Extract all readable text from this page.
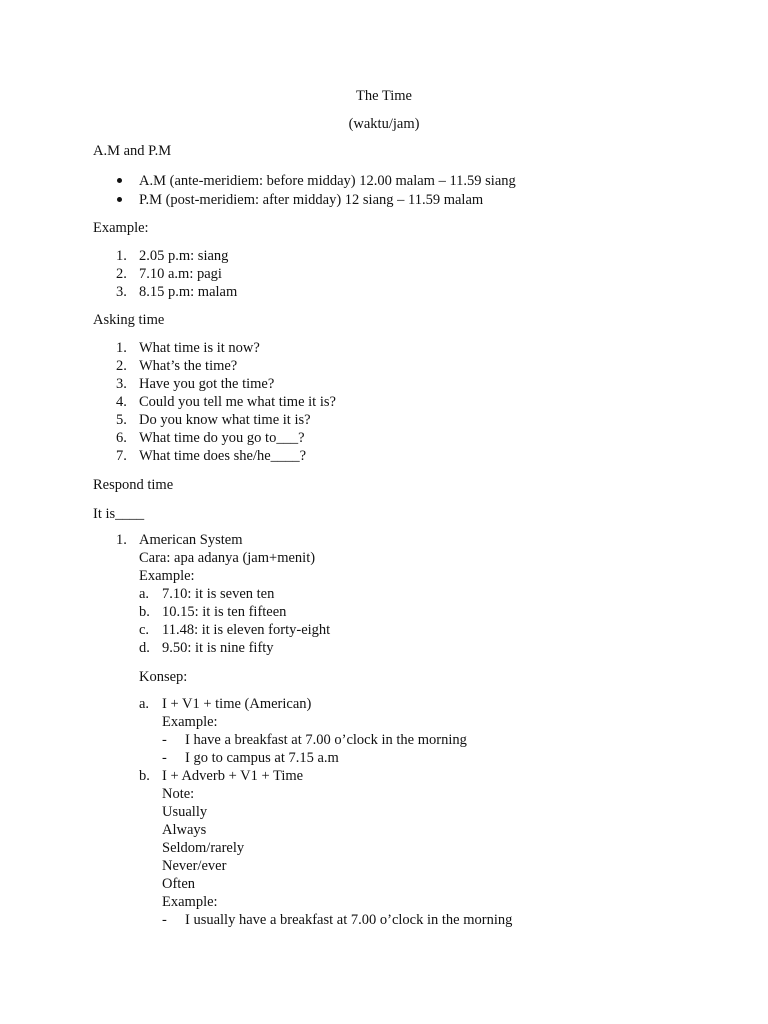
The Time
(waktu/jam)
A.M and P.M
A.M (ante-meridiem: before midday) 12.00 malam – 11.59 siang
P.M (post-meridiem: after midday) 12 siang – 11.59 malam
Example:
1. 2.05 p.m: siang
2. 7.10 a.m: pagi
3. 8.15 p.m: malam
Asking time
1. What time is it now?
2. What’s the time?
3. Have you got the time?
4. Could you tell me what time it is?
5. Do you know what time it is?
6. What time do you go to___?
7. What time does she/he____?
Respond time
It is____
1. American System
Cara: apa adanya (jam+menit)
Example:
a. 7.10: it is seven ten
b. 10.15: it is ten fifteen
c. 11.48: it is eleven forty-eight
d. 9.50: it is nine fifty
Konsep:
a. I + V1 + time (American)
Example:
- I have a breakfast at 7.00 o’clock in the morning
- I go to campus at 7.15 a.m
b. I + Adverb + V1 + Time
Note:
Usually
Always
Seldom/rarely
Never/ever
Often
Example:
- I usually have a breakfast at 7.00 o’clock in the morning
